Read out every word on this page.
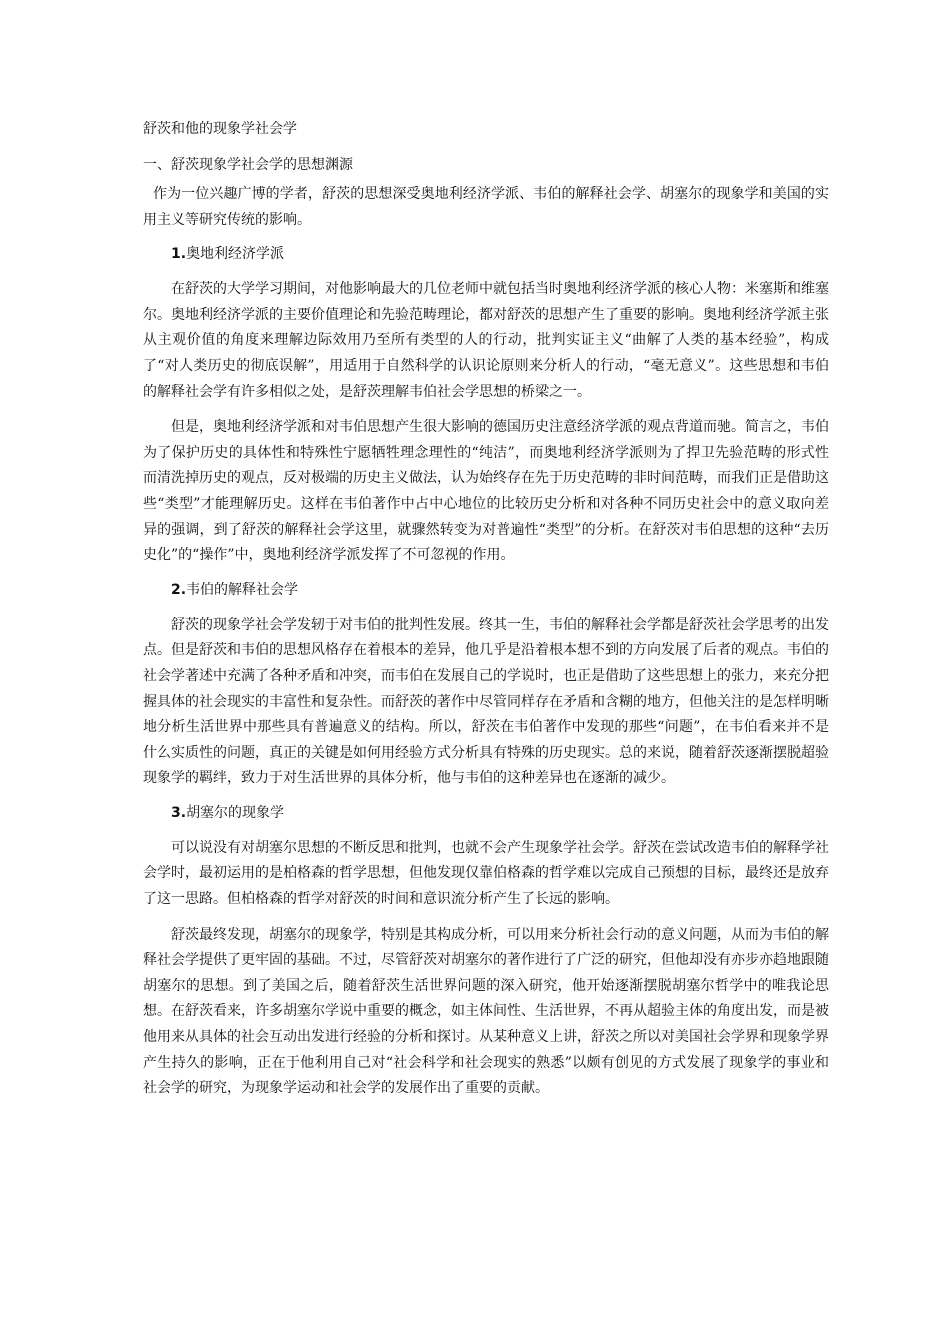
舒茨和他的现象学社会学
一、舒茨现象学社会学的思想渊源

作为一位兴趣广博的学者，舒茨的思想深受奥地利经济学派、韦伯的解释社会学、胡塞尔的现象学和美国的实用主义等研究传统的影响。

1.奥地利经济学派

在舒茨的大学学习期间，对他影响最大的几位老师中就包括当时奥地利经济学派的核心人物：米塞斯和维塞尔。奥地利经济学派的主要价值理论和先验范畴理论，都对舒茨的思想产生了重要的影响。奥地利经济学派主张从主观价值的角度来理解边际效用乃至所有类型的人的行动，批判实证主义“曲解了人类的基本经验”，构成了“对人类历史的彻底误解”，用适用于自然科学的认识论原则来分析人的行动，“毫无意义”。这些思想和韦伯的解释社会学有许多相似之处，是舒茨理解韦伯社会学思想的桥梁之一。

但是，奥地利经济学派和对韦伯思想产生很大影响的德国历史注意经济学派的观点背道而驰。简言之，韦伯为了保护历史的具体性和特殊性宁愿牺牲理念理性的“纯洁”，而奥地利经济学派则为了捍卫先验范畴的形式性而清洗掉历史的观点，反对极端的历史主义做法，认为始终存在先于历史范畴的非时间范畴，而我们正是借助这些“类型”才能理解历史。这样在韦伯著作中占中心地位的比较历史分析和对各种不同历史社会中的意义取向差异的强调，到了舒茨的解释社会学这里，就骤然转变为对普遍性“类型”的分析。在舒茨对韦伯思想的这种“去历史化”的“操作”中，奥地利经济学派发挥了不可忽视的作用。

2.韦伯的解释社会学

舒茨的现象学社会学发轫于对韦伯的批判性发展。终其一生，韦伯的解释社会学都是舒茨社会学思考的出发点。但是舒茨和韦伯的思想风格存在着根本的差异，他几乎是沿着根本想不到的方向发展了后者的观点。韦伯的社会学著述中充满了各种矛盾和冲突，而韦伯在发展自己的学说时，也正是借助了这些思想上的张力，来充分把握具体的社会现实的丰富性和复杂性。而舒茨的著作中尽管同样存在矛盾和含糊的地方，但他关注的是怎样明晰地分析生活世界中那些具有普遍意义的结构。所以，舒茨在韦伯著作中发现的那些“问题”，在韦伯看来并不是什么实质性的问题，真正的关键是如何用经验方式分析具有特殊的历史现实。总的来说，随着舒茨逐渐摆脱超验现象学的羁绊，致力于对生活世界的具体分析，他与韦伯的这种差异也在逐渐的减少。

3.胡塞尔的现象学

可以说没有对胡塞尔思想的不断反思和批判，也就不会产生现象学社会学。舒茨在尝试改造韦伯的解释学社会学时，最初运用的是柏格森的哲学思想，但他发现仅靠伯格森的哲学难以完成自己预想的目标，最终还是放弃了这一思路。但柏格森的哲学对舒茨的时间和意识流分析产生了长远的影响。

舒茨最终发现，胡塞尔的现象学，特别是其构成分析，可以用来分析社会行动的意义问题，从而为韦伯的解释社会学提供了更牢固的基础。不过，尽管舒茨对胡塞尔的著作进行了广泛的研究，但他却没有亦步亦趋地跟随胡塞尔的思想。到了美国之后，随着舒茨生活世界问题的深入研究，他开始逐渐摆脱胡塞尔哲学中的唯我论思想。在舒茨看来，许多胡塞尔学说中重要的概念，如主体间性、生活世界，不再从超验主体的角度出发，而是被他用来从具体的社会互动出发进行经验的分析和探讨。从某种意义上讲，舒茨之所以对美国社会学界和现象学界产生持久的影响，正在于他利用自己对“社会科学和社会现实的熟悉”以颇有创见的方式发展了现象学的事业和社会学的研究，为现象学运动和社会学的发展作出了重要的贡献。
